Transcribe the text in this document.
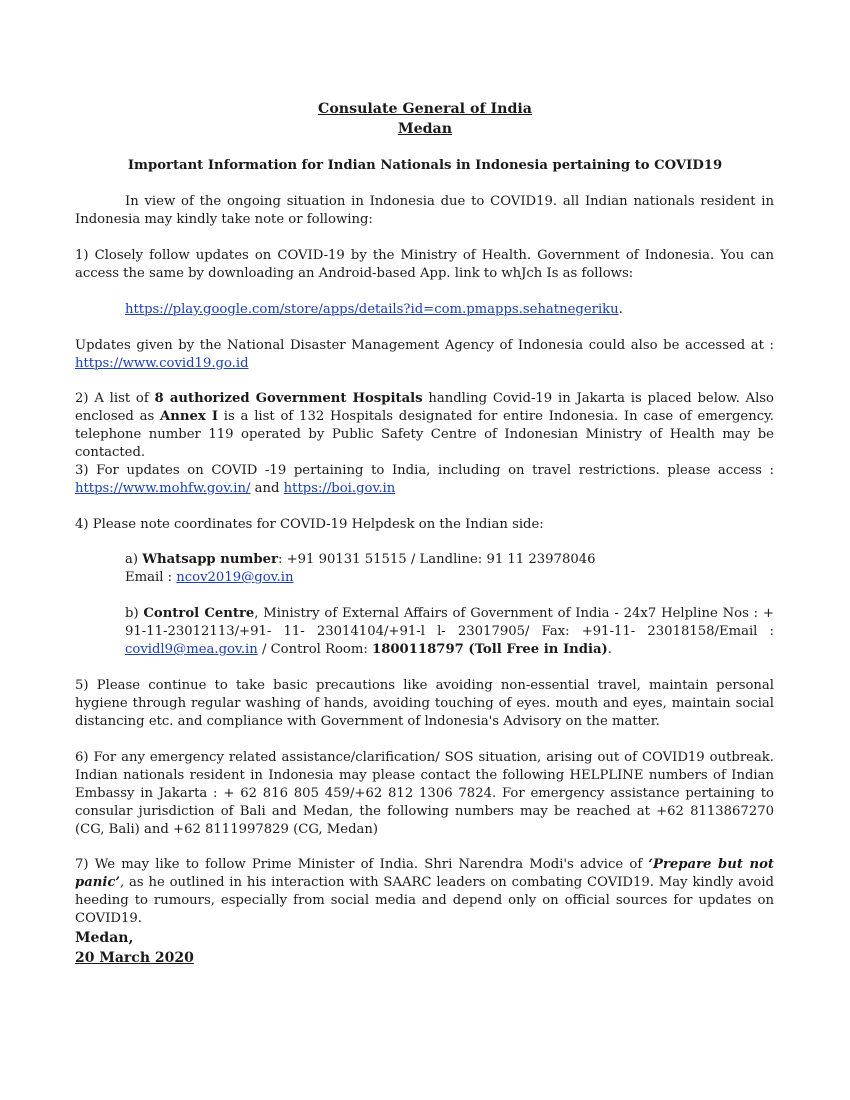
Consulate General of India
Medan
Important Information for Indian Nationals in Indonesia pertaining to COVID19

In view of the ongoing situation in Indonesia due to COVID19. all Indian nationals resident in Indonesia may kindly take note or following:

1) Closely follow updates on COVID-19 by the Ministry of Health. Government of Indonesia. You can access the same by downloading an Android-based App. link to whJch Is as follows:

https://play.google.com/store/apps/details?id=com.pmapps.sehatnegeriku.

Updates given by the National Disaster Management Agency of Indonesia could also be accessed at : https://www.covid19.go.id

2) A list of 8 authorized Government Hospitals handling Covid-19 in Jakarta is placed below. Also enclosed as Annex I is a list of 132 Hospitals designated for entire Indonesia. In case of emergency. telephone number 119 operated by Public Safety Centre of Indonesian Ministry of Health may be contacted.

3) For updates on COVID -19 pertaining to India, including on travel restrictions. please access : https://www.mohfw.gov.in/ and https://boi.gov.in

4) Please note coordinates for COVID-19 Helpdesk on the Indian side:

a) Whatsapp number: +91 90131 51515 / Landline: 91 11 23978046
Email : ncov2019@gov.in

b) Control Centre, Ministry of External Affairs of Government of India - 24x7 Helpline Nos : + 91-11-23012113/+91- 11- 23014104/+91-l l- 23017905/ Fax: +91-11- 23018158/Email : covidl9@mea.gov.in / Control Room: 1800118797 (Toll Free in India).

5) Please continue to take basic precautions like avoiding non-essential travel, maintain personal hygiene through regular washing of hands, avoiding touching of eyes. mouth and eyes, maintain social distancing etc. and compliance with Government of lndonesia's Advisory on the matter.

6) For any emergency related assistance/clarification/ SOS situation, arising out of COVID19 outbreak. Indian nationals resident in Indonesia may please contact the following HELPLINE numbers of Indian Embassy in Jakarta : + 62 816 805 459/+62 812 1306 7824. For emergency assistance pertaining to consular jurisdiction of Bali and Medan, the following numbers may be reached at +62 8113867270 (CG, Bali) and +62 8111997829 (CG, Medan)

7) We may like to follow Prime Minister of India. Shri Narendra Modi's advice of ‘Prepare but not panic’, as he outlined in his interaction with SAARC leaders on combating COVID19. May kindly avoid heeding to rumours, especially from social media and depend only on official sources for updates on COVID19.

Medan,
20 March 2020
